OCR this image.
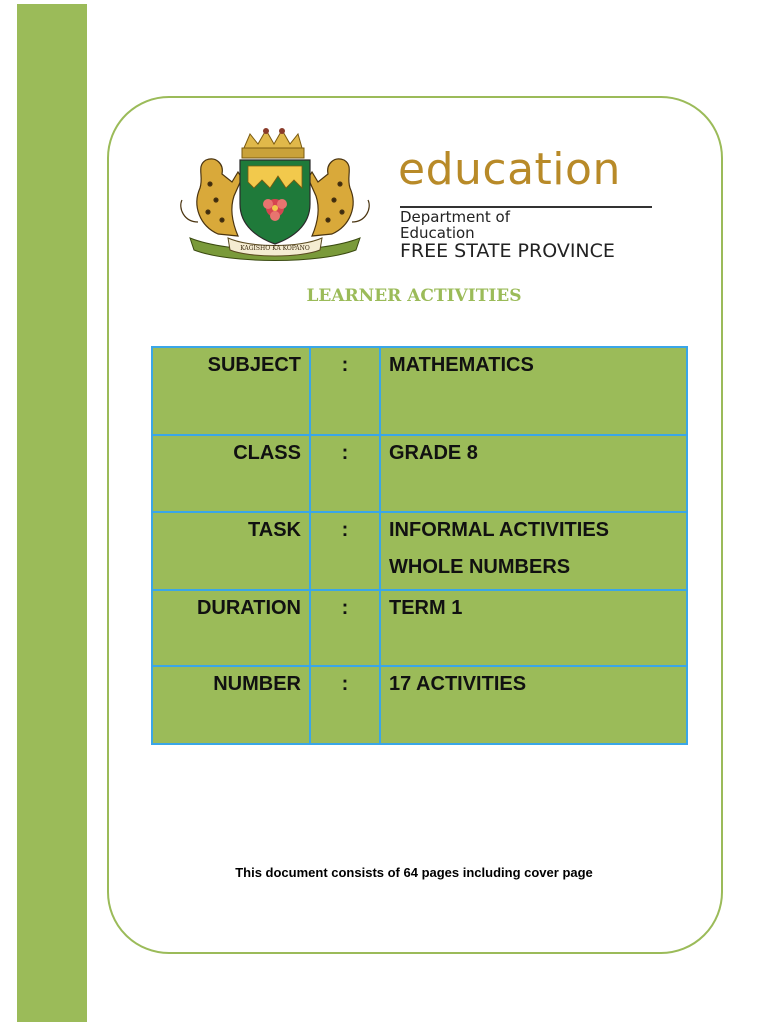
KAGISHO KA KOPANO
education
Department of
Education
FREE STATE PROVINCE
LEARNER ACTIVITIES
SUBJECT	:	MATHEMATICS
CLASS	:	GRADE 8
TASK	:	INFORMAL ACTIVITIES
WHOLE NUMBERS

DURATION	:	TERM 1
NUMBER	:	17 ACTIVITIES
This document consists of 64 pages including cover page
